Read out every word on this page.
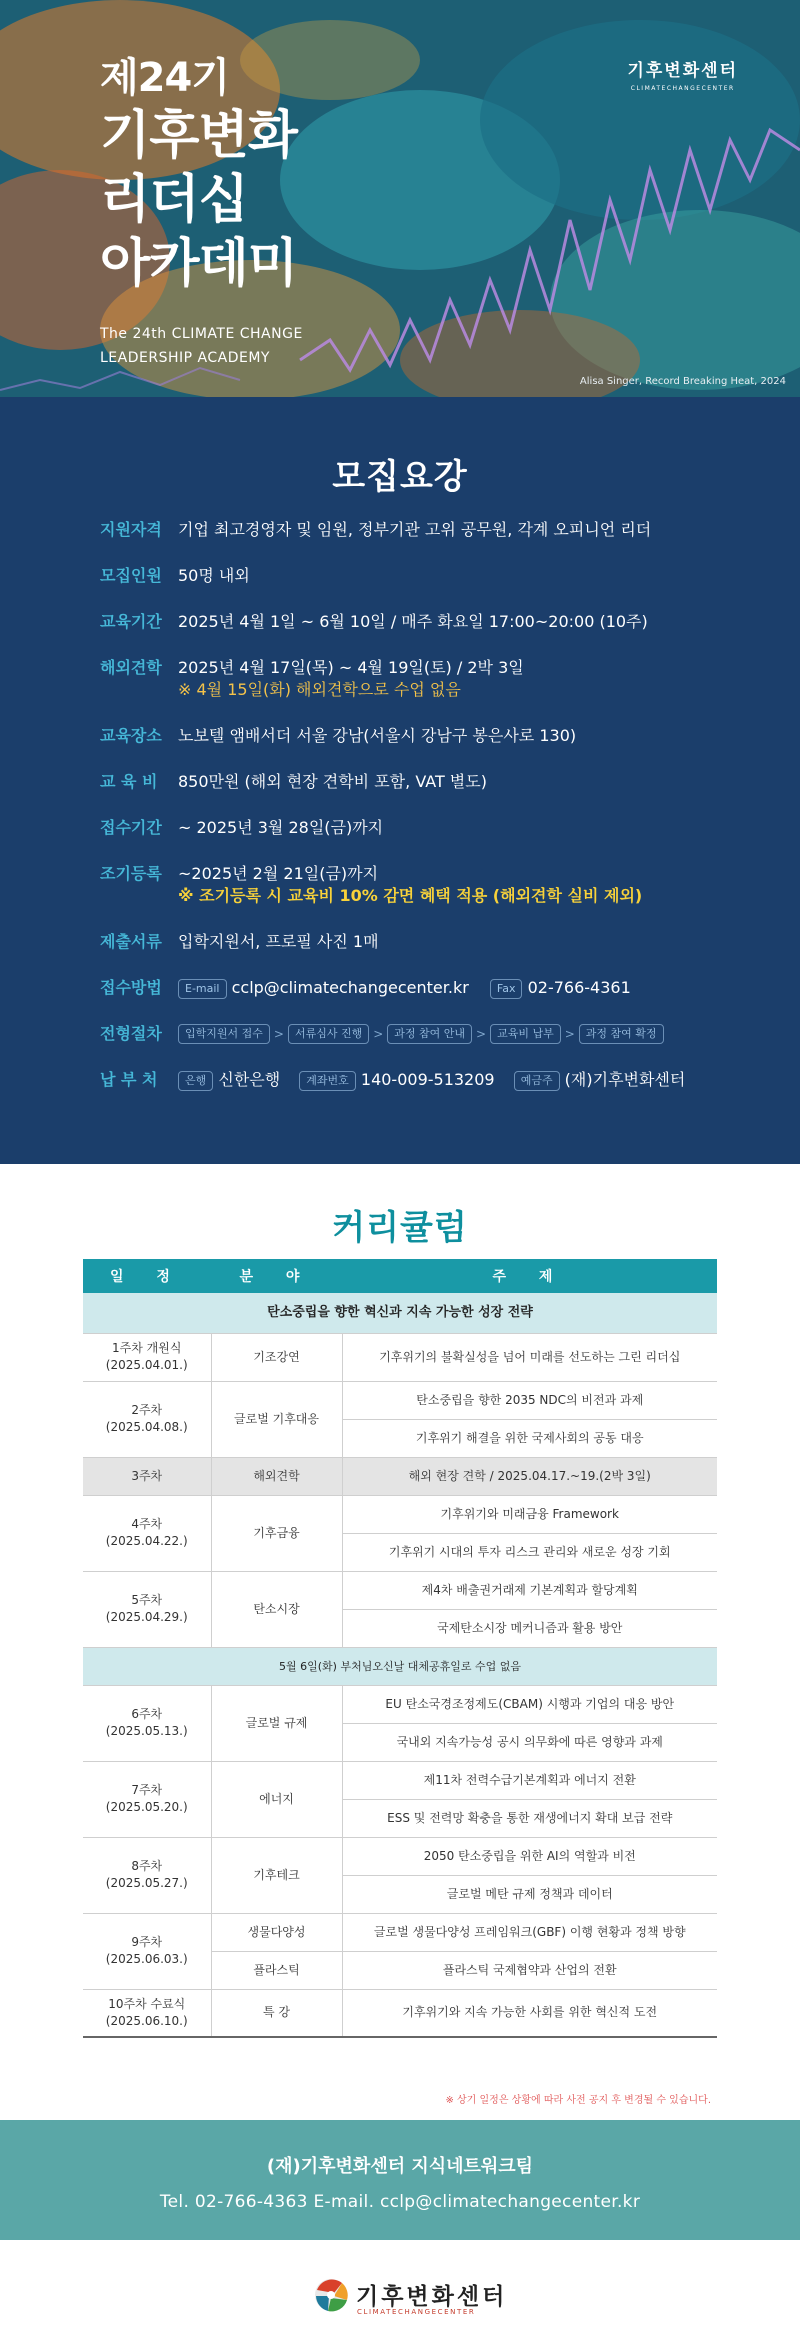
제24기
기후변화
리더십
아카데미
The 24th CLIMATE CHANGE
LEADERSHIP ACADEMY
기후변화센터
CLIMATECHANGECENTER
Alisa Singer, Record Breaking Heat, 2024
모집요강
지원자격	기업 최고경영자 및 임원, 정부기관 고위 공무원, 각계 오피니언 리더
모집인원	50명 내외
교육기간	2025년 4월 1일 ~ 6월 10일 / 매주 화요일 17:00~20:00 (10주)
해외견학	2025년 4월 17일(목) ~ 4월 19일(토) / 2박 3일
※ 4월 15일(화) 해외견학으로 수업 없음
교육장소	노보텔 앰배서더 서울 강남(서울시 강남구 봉은사로 130)
교 육 비	850만원 (해외 현장 견학비 포함, VAT 별도)
접수기간	~ 2025년 3월 28일(금)까지
조기등록	~2025년 2월 21일(금)까지
※ 조기등록 시 교육비 10% 감면 혜택 적용 (해외견학 실비 제외)
제출서류	입학지원서, 프로필 사진 1매
접수방법	E-mail cclp@climatechangecenter.kr	Fax 02-766-4361
전형절차	입학지원서 접수 >	서류심사 진행 >	과정 참여 안내 >	교육비 납부 >	과정 참여 확정
납 부 처	은행 신한은행 계좌번호 140-009-513209 예금주 (재)기후변화센터
커리큘럼
일 정	분 야	주 제
탄소중립을 향한 혁신과 지속 가능한 성장 전략		
1주차 개원식
(2025.04.01.)	기조강연	기후위기의 불확실성을 넘어 미래를 선도하는 그린 리더십
2주차
(2025.04.08.)	글로벌 기후대응	탄소중립을 향한 2035 NDC의 비전과 과제
		기후위기 해결을 위한 국제사회의 공동 대응
3주차	해외견학	해외 현장 견학 / 2025.04.17.~19.(2박 3일)
4주차
(2025.04.22.)	기후금융	기후위기와 미래금융 Framework
		기후위기 시대의 투자 리스크 관리와 새로운 성장 기회
5주차
(2025.04.29.)	탄소시장	제4차 배출권거래제 기본계획과 할당계획
		국제탄소시장 메커니즘과 활용 방안
5월 6일(화) 부처님오신날 대체공휴일로 수업 없음		
6주차
(2025.05.13.)	글로벌 규제	EU 탄소국경조정제도(CBAM) 시행과 기업의 대응 방안
		국내외 지속가능성 공시 의무화에 따른 영향과 과제
7주차
(2025.05.20.)	에너지	제11차 전력수급기본계획과 에너지 전환
		ESS 및 전력망 확충을 통한 재생에너지 확대 보급 전략
8주차
(2025.05.27.)	기후테크	2050 탄소중립을 위한 AI의 역할과 비전
		글로벌 메탄 규제 정책과 데이터
9주차
(2025.06.03.)	생물다양성	글로벌 생물다양성 프레임워크(GBF) 이행 현황과 정책 방향
	플라스틱	플라스틱 국제협약과 산업의 전환
10주차 수료식
(2025.06.10.)	특 강	기후위기와 지속 가능한 사회를 위한 혁신적 도전
※ 상기 일정은 상황에 따라 사전 공지 후 변경될 수 있습니다.
(재)기후변화센터 지식네트워크팀
Tel. 02-766-4363 E-mail. cclp@climatechangecenter.kr
기후변화센터
CLIMATECHANGECENTER
